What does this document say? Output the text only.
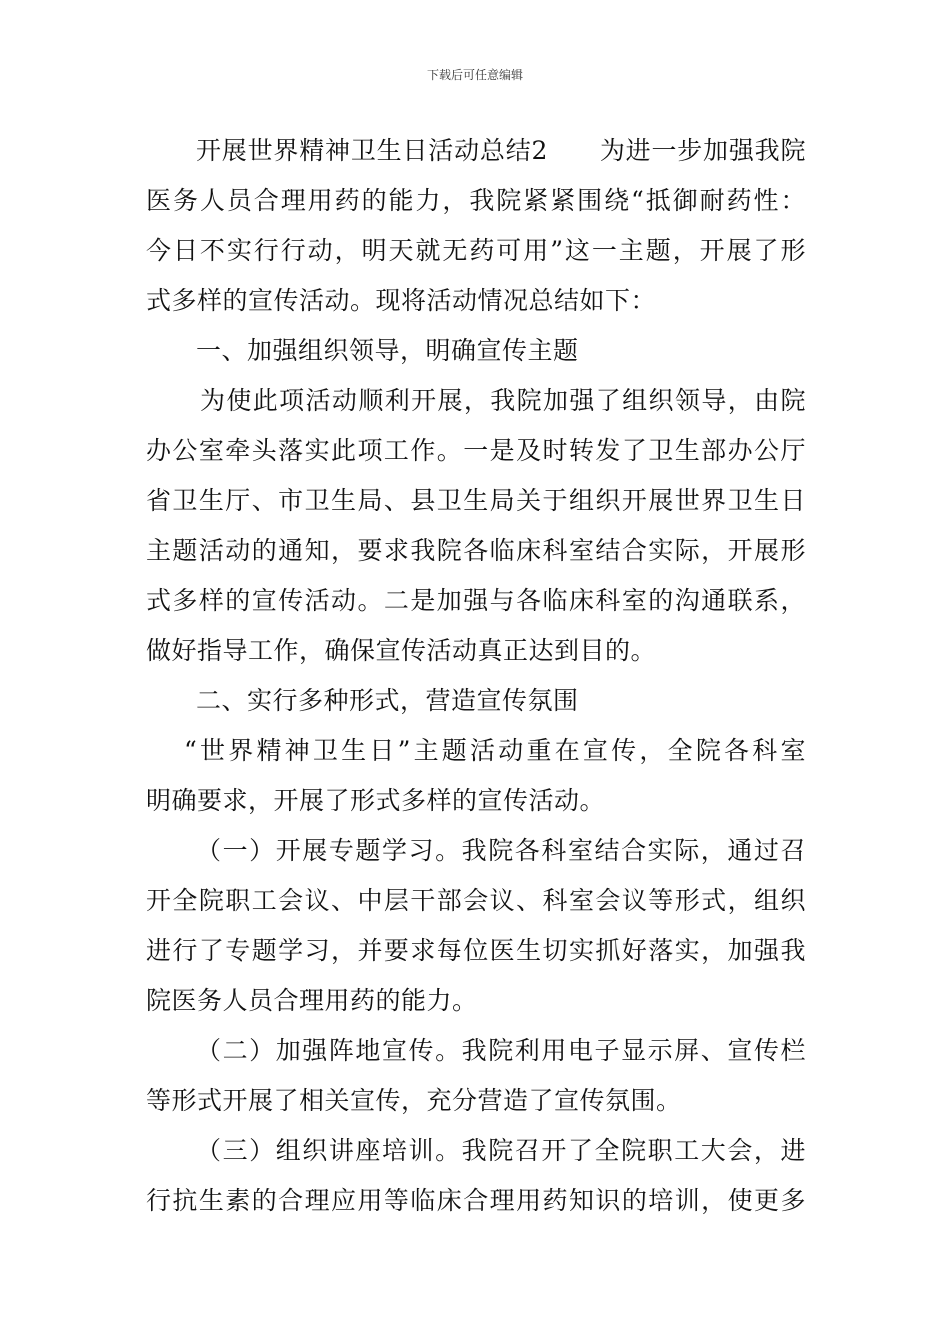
下载后可任意编辑
开展世界精神卫生日活动总结2　　为进一步加强我院
医务人员合理用药的能力，我院紧紧围绕“抵御耐药性：
今日不实行行动，明天就无药可用”这一主题，开展了形
式多样的宣传活动。现将活动情况总结如下：
一、加强组织领导，明确宣传主题
为使此项活动顺利开展，我院加强了组织领导，由院
办公室牵头落实此项工作。一是及时转发了卫生部办公厅
省卫生厅、市卫生局、县卫生局关于组织开展世界卫生日
主题活动的通知，要求我院各临床科室结合实际，开展形
式多样的宣传活动。二是加强与各临床科室的沟通联系，
做好指导工作，确保宣传活动真正达到目的。
二、实行多种形式，营造宣传氛围
“世界精神卫生日”主题活动重在宣传，全院各科室
明确要求，开展了形式多样的宣传活动。
（一）开展专题学习。我院各科室结合实际，通过召
开全院职工会议、中层干部会议、科室会议等形式，组织
进行了专题学习，并要求每位医生切实抓好落实，加强我
院医务人员合理用药的能力。
（二）加强阵地宣传。我院利用电子显示屏、宣传栏
等形式开展了相关宣传，充分营造了宣传氛围。
（三）组织讲座培训。我院召开了全院职工大会，进
行抗生素的合理应用等临床合理用药知识的培训，使更多
